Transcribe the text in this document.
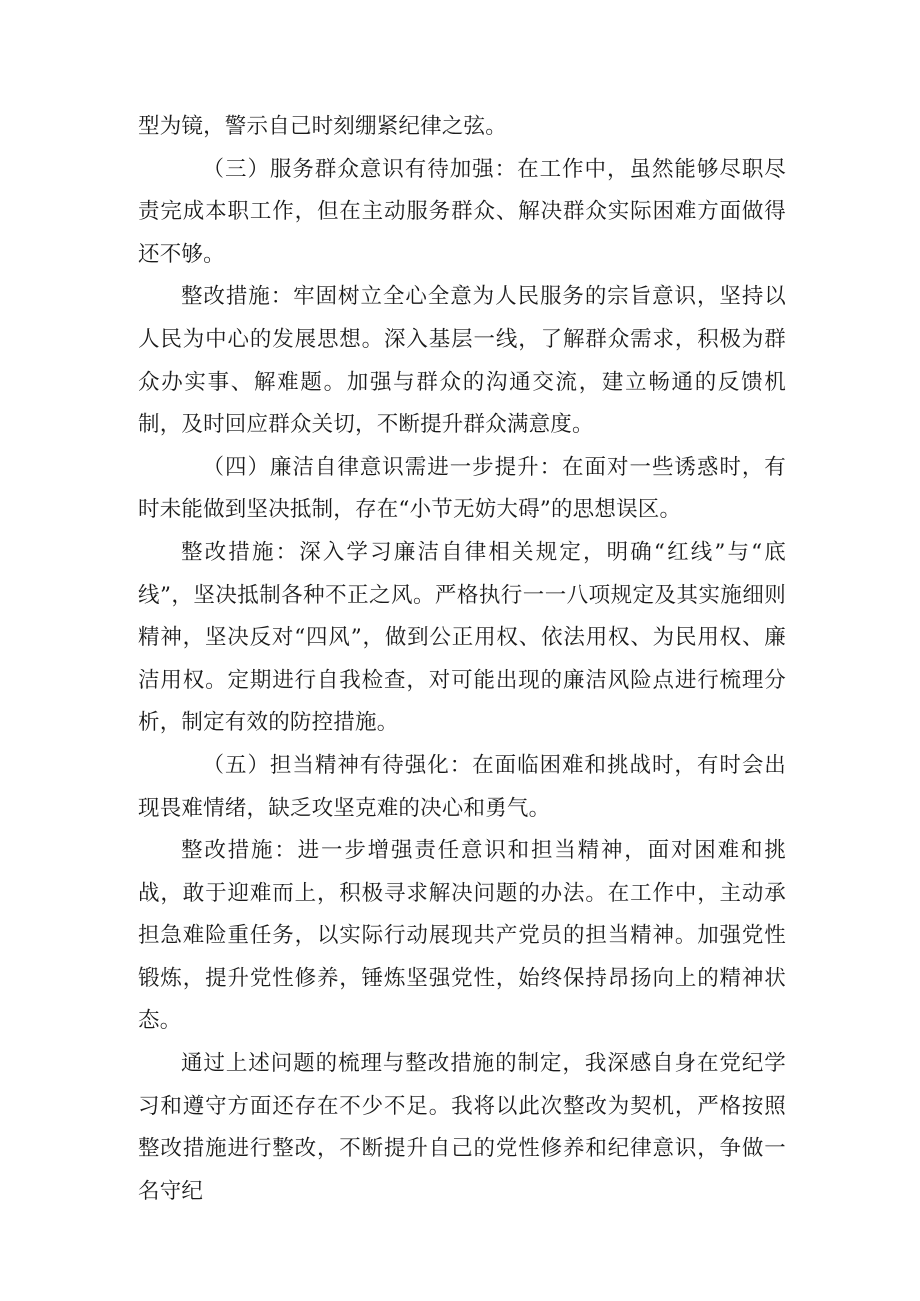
型为镜，警示自己时刻绷紧纪律之弦。

（三）服务群众意识有待加强：在工作中，虽然能够尽职尽责完成本职工作，但在主动服务群众、解决群众实际困难方面做得还不够。

整改措施：牢固树立全心全意为人民服务的宗旨意识，坚持以人民为中心的发展思想。深入基层一线，了解群众需求，积极为群众办实事、解难题。加强与群众的沟通交流，建立畅通的反馈机制，及时回应群众关切，不断提升群众满意度。

（四）廉洁自律意识需进一步提升：在面对一些诱惑时，有时未能做到坚决抵制，存在“小节无妨大碍”的思想误区。

整改措施：深入学习廉洁自律相关规定，明确“红线”与“底线”，坚决抵制各种不正之风。严格执行一一八项规定及其实施细则精神，坚决反对“四风”，做到公正用权、依法用权、为民用权、廉洁用权。定期进行自我检查，对可能出现的廉洁风险点进行梳理分析，制定有效的防控措施。

（五）担当精神有待强化：在面临困难和挑战时，有时会出现畏难情绪，缺乏攻坚克难的决心和勇气。

整改措施：进一步增强责任意识和担当精神，面对困难和挑战，敢于迎难而上，积极寻求解决问题的办法。在工作中，主动承担急难险重任务，以实际行动展现共产党员的担当精神。加强党性锻炼，提升党性修养，锤炼坚强党性，始终保持昂扬向上的精神状态。

通过上述问题的梳理与整改措施的制定，我深感自身在党纪学习和遵守方面还存在不少不足。我将以此次整改为契机，严格按照整改措施进行整改，不断提升自己的党性修养和纪律意识，争做一名守纪
